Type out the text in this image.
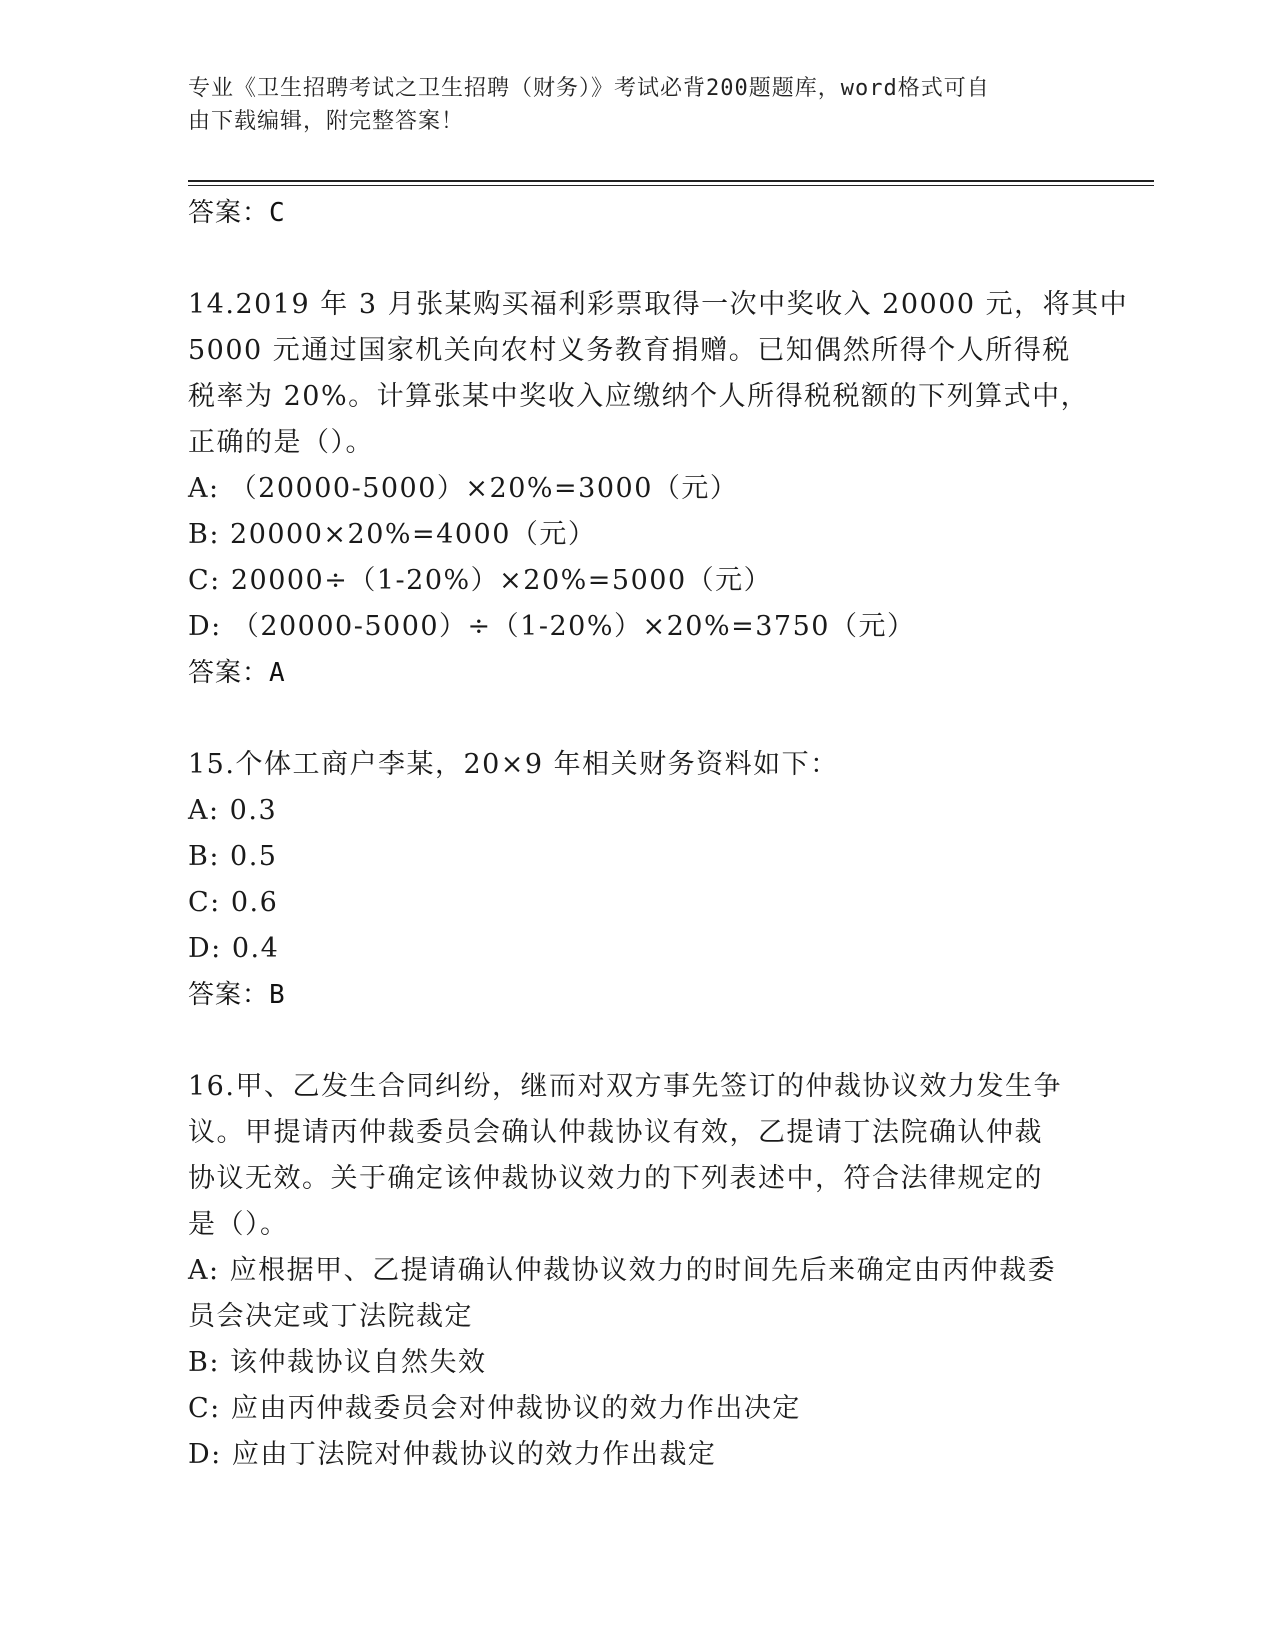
专业《卫生招聘考试之卫生招聘（财务）》考试必背200题题库，word格式可自
由下载编辑，附完整答案！
答案：C
14.2019 年 3 月张某购买福利彩票取得一次中奖收入 20000 元，将其中
5000 元通过国家机关向农村义务教育捐赠。已知偶然所得个人所得税
税率为 20%。计算张某中奖收入应缴纳个人所得税税额的下列算式中，
正确的是（）。
A: （20000-5000）×20%=3000（元）
B: 20000×20%=4000（元）
C: 20000÷（1-20%）×20%=5000（元）
D: （20000-5000）÷（1-20%）×20%=3750（元）
答案：A
15.个体工商户李某，20×9 年相关财务资料如下：
A: 0.3
B: 0.5
C: 0.6
D: 0.4
答案：B
16.甲、乙发生合同纠纷，继而对双方事先签订的仲裁协议效力发生争
议。甲提请丙仲裁委员会确认仲裁协议有效，乙提请丁法院确认仲裁
协议无效。关于确定该仲裁协议效力的下列表述中，符合法律规定的
是（）。
A: 应根据甲、乙提请确认仲裁协议效力的时间先后来确定由丙仲裁委
员会决定或丁法院裁定
B: 该仲裁协议自然失效
C: 应由丙仲裁委员会对仲裁协议的效力作出决定
D: 应由丁法院对仲裁协议的效力作出裁定
